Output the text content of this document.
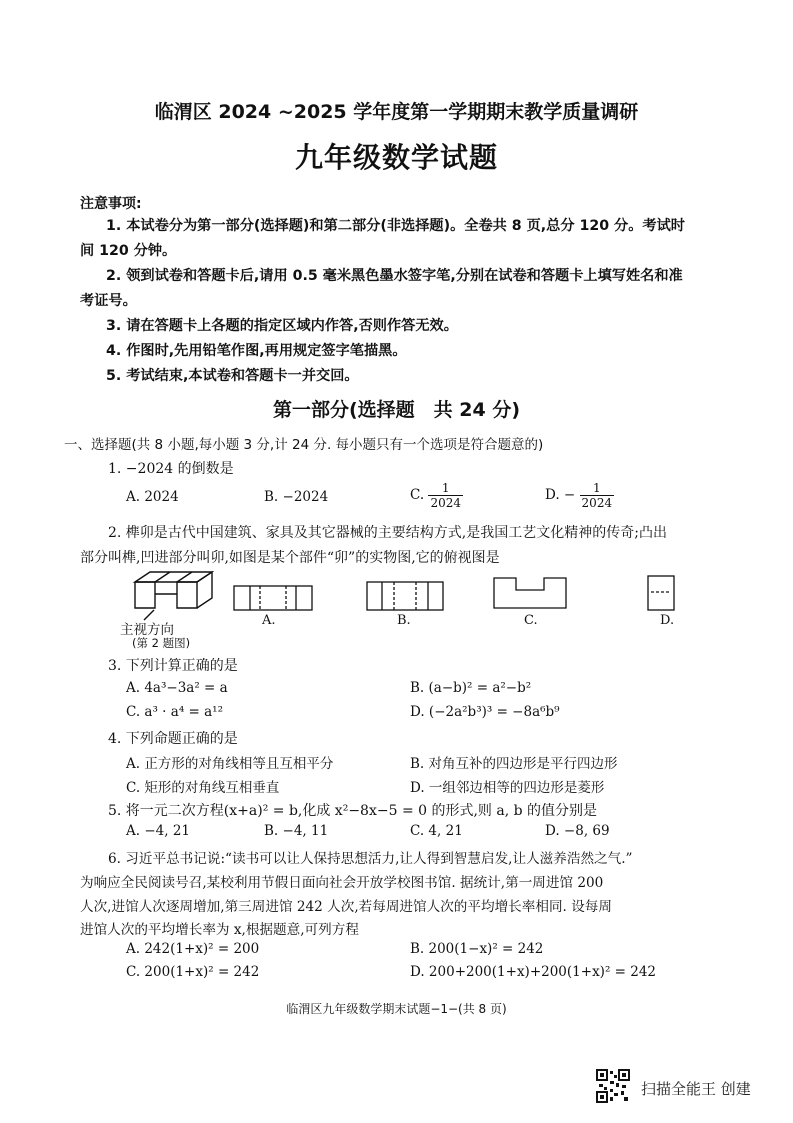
临渭区 2024 ~2025 学年度第一学期期末教学质量调研
九年级数学试题
注意事项:
1. 本试卷分为第一部分(选择题)和第二部分(非选择题)。全卷共 8 页,总分 120 分。考试时
间 120 分钟。
2. 领到试卷和答题卡后,请用 0.5 毫米黑色墨水签字笔,分别在试卷和答题卡上填写姓名和准
考证号。
3. 请在答题卡上各题的指定区域内作答,否则作答无效。
4. 作图时,先用铅笔作图,再用规定签字笔描黑。
5. 考试结束,本试卷和答题卡一并交回。
第一部分(选择题　共 24 分)
一、选择题(共 8 小题,每小题 3 分,计 24 分. 每小题只有一个选项是符合题意的)
1. −2024 的倒数是
A. 2024	B. −2024	C. $\frac{1}{2024}$	D. − $\frac{1}{2024}$
2. 榫卯是古代中国建筑、家具及其它器械的主要结构方式,是我国工艺文化精神的传奇;凸出
部分叫榫,凹进部分叫卯,如图是某个部件“卯”的实物图,它的俯视图是
主视方向
(第 2 题图)
A.	B.	C.	D.
3. 下列计算正确的是
A. 4a³−3a² = a	B. (a−b)² = a²−b²
C. a³ · a⁴ = a¹²	D. (−2a²b³)³ = −8a⁶b⁹
4. 下列命题正确的是
A. 正方形的对角线相等且互相平分	B. 对角互补的四边形是平行四边形
C. 矩形的对角线互相垂直	D. 一组邻边相等的四边形是菱形
5. 将一元二次方程(x+a)² = b,化成 x²−8x−5 = 0 的形式,则 a, b 的值分别是
A. −4, 21	B. −4, 11	C. 4, 21	D. −8, 69
6. 习近平总书记说:“读书可以让人保持思想活力,让人得到智慧启发,让人滋养浩然之气.”
为响应全民阅读号召,某校利用节假日面向社会开放学校图书馆. 据统计,第一周进馆 200
人次,进馆人次逐周增加,第三周进馆 242 人次,若每周进馆人次的平均增长率相同. 设每周
进馆人次的平均增长率为 x,根据题意,可列方程
A. 242(1+x)² = 200	B. 200(1−x)² = 242
C. 200(1+x)² = 242	D. 200+200(1+x)+200(1+x)² = 242
临渭区九年级数学期末试题−1−(共 8 页)
扫描全能王 创建
